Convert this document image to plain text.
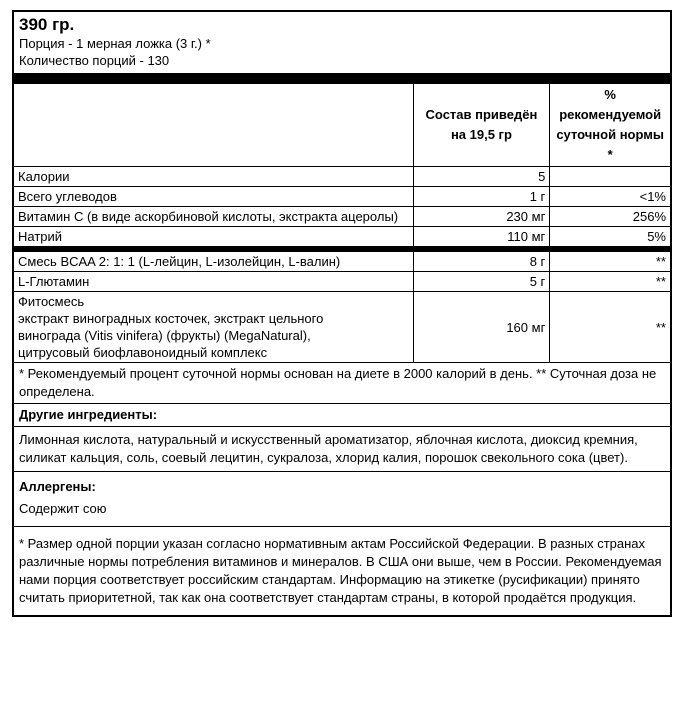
390 гр.
Порция - 1 мерная ложка (3 г.) *
Количество порций - 130
	Состав приведён на 19,5 гр	% рекомендуемой суточной нормы *
Калории	5	
Всего углеводов	1 г	<1%
Витамин С (в виде аскорбиновой кислоты, экстракта ацеролы)	230 мг	256%
Натрий	110 мг	5%
Смесь BCAA 2: 1: 1 (L-лейцин, L-изолейцин, L-валин)	8 г	**
L-Глютамин	5 г	**

Фитосмесь
экстракт виноградных косточек, экстракт цельного
винограда (Vitis vinifera) (фрукты) (MegaNatural),
цитрусовый биофлавоноидный комплекс	160 мг	**
* Рекомендуемый процент суточной нормы основан на диете в 2000 калорий в день. ** Суточная доза не определена.
Другие ингредиенты:
Лимонная кислота, натуральный и искусственный ароматизатор, яблочная кислота, диоксид кремния, силикат кальция, соль, соевый лецитин, сукралоза, хлорид калия, порошок свекольного сока (цвет).
Аллергены:
Содержит сою
* Размер одной порции указан согласно нормативным актам Российской Федерации. В разных странах различные нормы потребления витаминов и минералов. В США они выше, чем в России. Рекомендуемая нами порция соответствует российским стандартам. Информацию на этикетке (русификации) принято считать приоритетной, так как она соответствует стандартам страны, в которой продаётся продукция.
